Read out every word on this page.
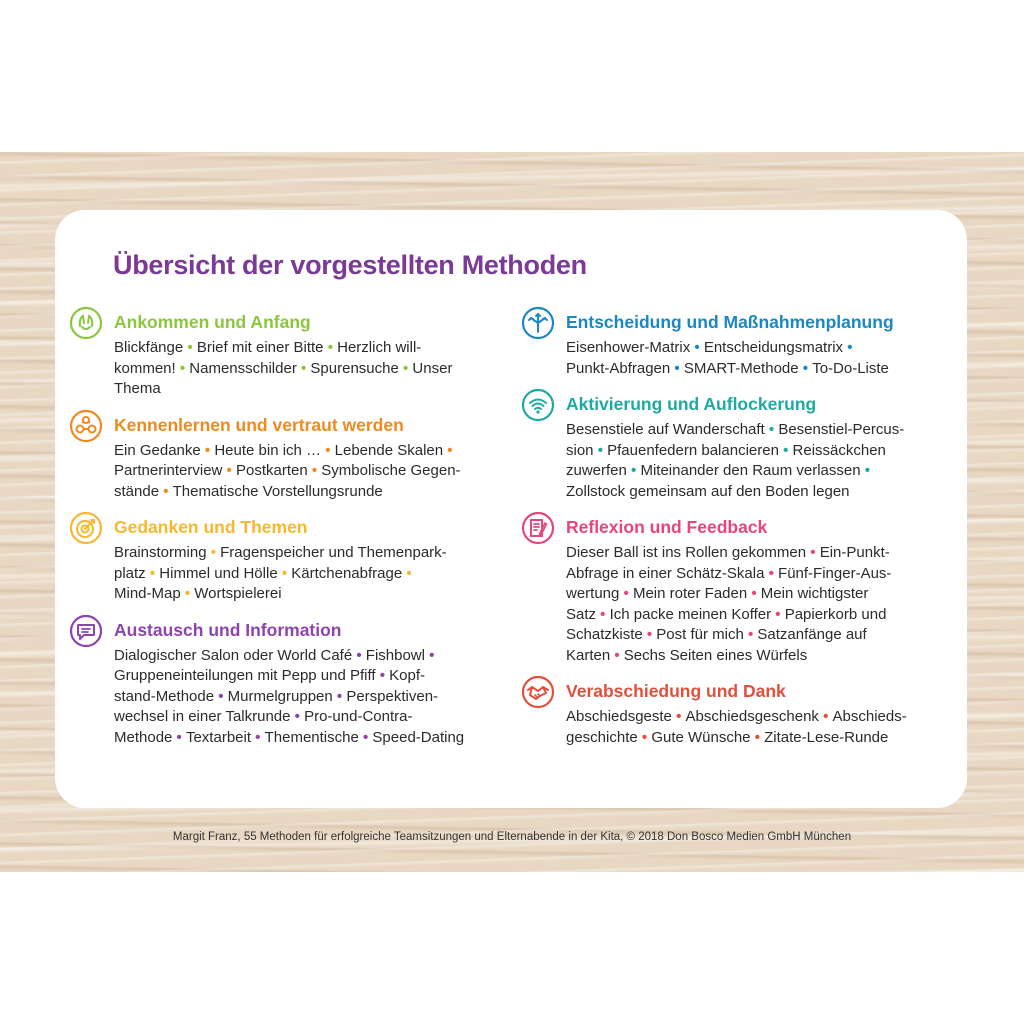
Übersicht der vorgestellten Methoden
Ankommen und Anfang
Blickfänge • Brief mit einer Bitte • Herzlich will-
kommen! • Namensschilder • Spurensuche • Unser
Thema
Kennenlernen und vertraut werden
Ein Gedanke • Heute bin ich … • Lebende Skalen •
Partnerinterview • Postkarten • Symbolische Gegen-
stände • Thematische Vorstellungsrunde
Gedanken und Themen
Brainstorming • Fragenspeicher und Themenpark-
platz • Himmel und Hölle • Kärtchenabfrage •
Mind-Map • Wortspielerei
Austausch und Information
Dialogischer Salon oder World Café • Fishbowl •
Gruppeneinteilungen mit Pepp und Pfiff • Kopf-
stand-Methode • Murmelgruppen • Perspektiven-
wechsel in einer Talkrunde • Pro-und-Contra-
Methode • Textarbeit • Thementische • Speed-Dating
Entscheidung und Maßnahmenplanung
Eisenhower-Matrix • Entscheidungsmatrix •
Punkt-Abfragen • SMART-Methode • To-Do-Liste
Aktivierung und Auflockerung
Besenstiele auf Wanderschaft • Besenstiel-Percus-
sion • Pfauenfedern balancieren • Reissäckchen
zuwerfen • Miteinander den Raum verlassen •
Zollstock gemeinsam auf den Boden legen
Reflexion und Feedback
Dieser Ball ist ins Rollen gekommen • Ein-Punkt-
Abfrage in einer Schätz-Skala • Fünf-Finger-Aus-
wertung • Mein roter Faden • Mein wichtigster
Satz • Ich packe meinen Koffer • Papierkorb und
Schatzkiste • Post für mich • Satzanfänge auf
Karten • Sechs Seiten eines Würfels
Verabschiedung und Dank
Abschiedsgeste • Abschiedsgeschenk • Abschieds-
geschichte • Gute Wünsche • Zitate-Lese-Runde
Margit Franz, 55 Methoden für erfolgreiche Teamsitzungen und Elternabende in der Kita, © 2018 Don Bosco Medien GmbH München
